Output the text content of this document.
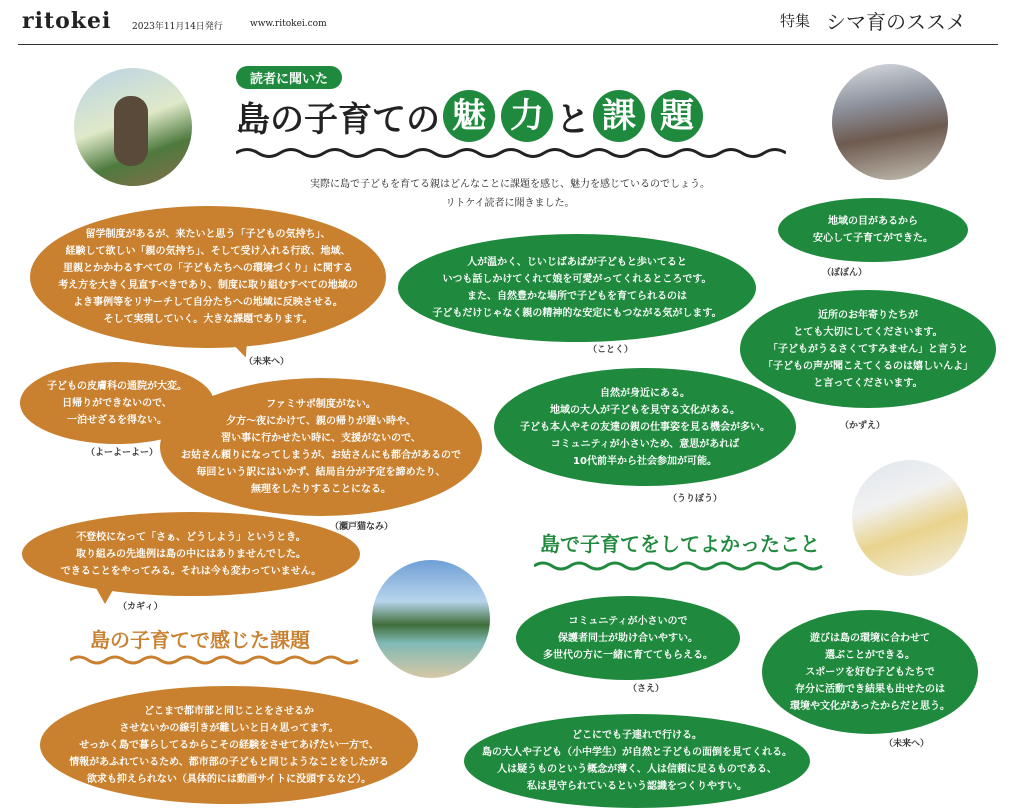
ritokei 2023年11月14日発行	www.ritokei.com	特集 シマ育のススメ
読者に聞いた
島の子育ての 魅 力 と 課 題
実際に島で子どもを育てる親はどんなことに課題を感じ、魅力を感じているのでしょう。
リトケイ読者に聞きました。
留学制度があるが、来たいと思う「子どもの気持ち」、
経験して欲しい「親の気持ち」、そして受け入れる行政、地域、
里親とかかわるすべての「子どもたちへの環境づくり」に関する
考え方を大きく見直すべきであり、制度に取り組むすべての地域の
よき事例等をリサーチして自分たちへの地域に反映させる。
そして実現していく。大きな課題であります。
（未来へ）
子どもの皮膚科の通院が大変。
日帰りができないので、
一泊せざるを得ない。
（よーよーよー）
ファミサポ制度がない。
夕方〜夜にかけて、親の帰りが遅い時や、
習い事に行かせたい時に、支援がないので、
お姑さん頼りになってしまうが、お姑さんにも都合があるので
毎回という訳にはいかず、結局自分が予定を諦めたり、
無理をしたりすることになる。
（瀬戸猫なみ）
不登校になって「さぁ、どうしよう」というとき。
取り組みの先進例は島の中にはありませんでした。
できることをやってみる。それは今も変わっていません。
（カギィ）
島の子育てで感じた課題
どこまで都市部と同じことをさせるか
させないかの線引きが難しいと日々思ってます。
せっかく島で暮らしてるからこその経験をさせてあげたい一方で、
情報があふれているため、都市部の子どもと同じようなことをしたがる
欲求も抑えられない（具体的には動画サイトに没頭するなど）。
人が温かく、じいじばあばが子どもと歩いてると
いつも話しかけてくれて娘を可愛がってくれるところです。
また、自然豊かな場所で子どもを育てられるのは
子どもだけじゃなく親の精神的な安定にもつながる気がします。
（ことく）
地域の目があるから
安心して子育てができた。
（ぼぼん）
近所のお年寄りたちが
とても大切にしてくださいます。
「子どもがうるさくてすみません」と言うと
「子どもの声が聞こえてくるのは嬉しいんよ」
と言ってくださいます。
（かずえ）
自然が身近にある。
地域の大人が子どもを見守る文化がある。
子ども本人やその友達の親の仕事姿を見る機会が多い。
コミュニティが小さいため、意思があれば
10代前半から社会参加が可能。
（うりぼう）
島で子育てをしてよかったこと
コミュニティが小さいので
保護者同士が助け合いやすい。
多世代の方に一緒に育ててもらえる。
（さえ）
遊びは島の環境に合わせて
選ぶことができる。
スポーツを好む子どもたちで
存分に活動でき結果も出せたのは
環境や文化があったからだと思う。
（未来へ）
どこにでも子連れで行ける。
島の大人や子ども（小中学生）が自然と子どもの面倒を見てくれる。
人は疑うものという概念が薄く、人は信頼に足るものである、
私は見守られているという認識をつくりやすい。
